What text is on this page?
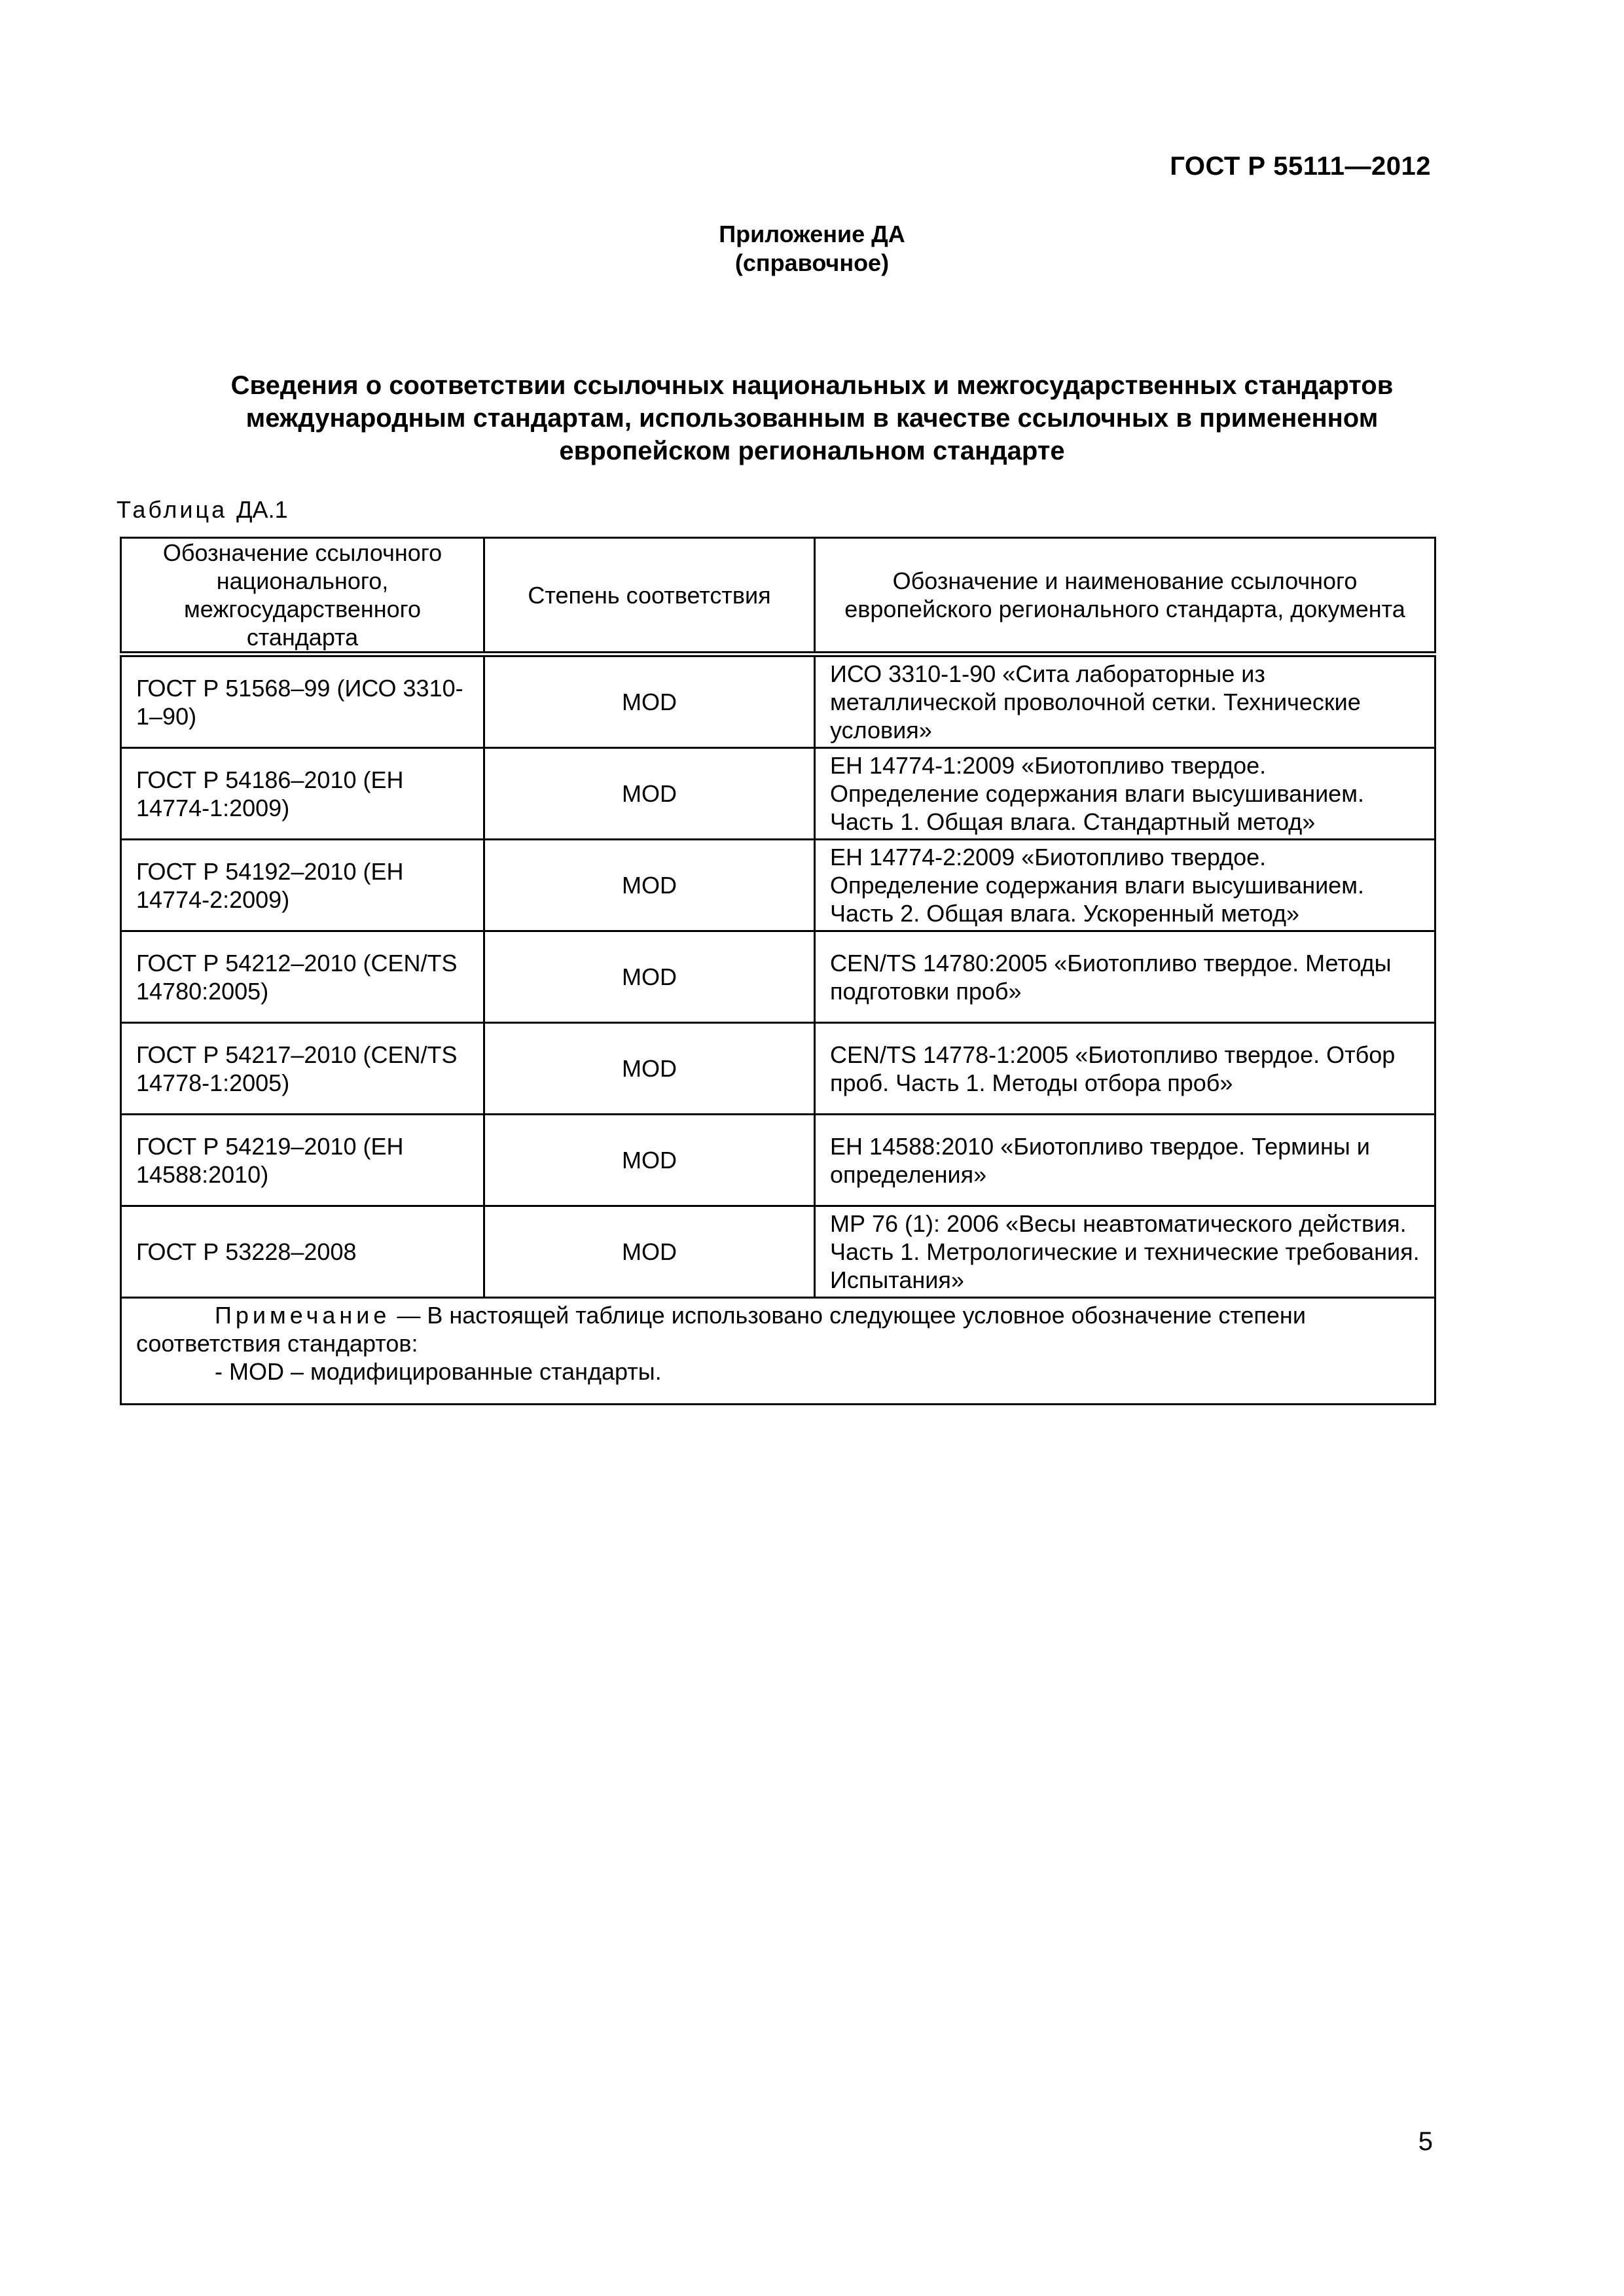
ГОСТ Р 55111—2012
Приложение ДА
(справочное)
Сведения о соответствии ссылочных национальных и межгосударственных стандартов
международным стандартам, использованным в качестве ссылочных в примененном
европейском региональном стандарте
Таблица ДА.1
Обозначение ссылочного национального, межгосударственного стандарта	Степень соответствия	Обозначение и наименование ссылочного европейского регионального стандарта, документа
ГОСТ Р 51568–99 (ИСО 3310-1–90)	MOD	ИСО 3310-1-90 «Сита лабораторные из металлической проволочной сетки. Технические условия»
ГОСТ Р 54186–2010 (ЕН 14774-1:2009)	MOD	ЕН 14774-1:2009 «Биотопливо твердое. Определение содержания влаги высушиванием. Часть 1. Общая влага. Стандартный метод»
ГОСТ Р 54192–2010 (ЕН 14774-2:2009)	MOD	ЕН 14774-2:2009 «Биотопливо твердое. Определение содержания влаги высушиванием. Часть 2. Общая влага. Ускоренный метод»
ГОСТ Р 54212–2010 (CEN/TS 14780:2005)	MOD	CEN/TS 14780:2005 «Биотопливо твердое. Методы подготовки проб»
ГОСТ Р 54217–2010 (CEN/TS 14778-1:2005)	MOD	CEN/TS 14778-1:2005 «Биотопливо твердое. Отбор проб. Часть 1. Методы отбора проб»
ГОСТ Р 54219–2010 (ЕН 14588:2010)	MOD	ЕН 14588:2010 «Биотопливо твердое. Термины и определения»
ГОСТ Р 53228–2008	MOD	МР 76 (1): 2006 «Весы неавтоматического действия. Часть 1. Метрологические и технические требования. Испытания»

Примечание — В настоящей таблице использовано следующее условное обозначение степени соответствия стандартов:
- MOD – модифицированные стандарты.		
5
